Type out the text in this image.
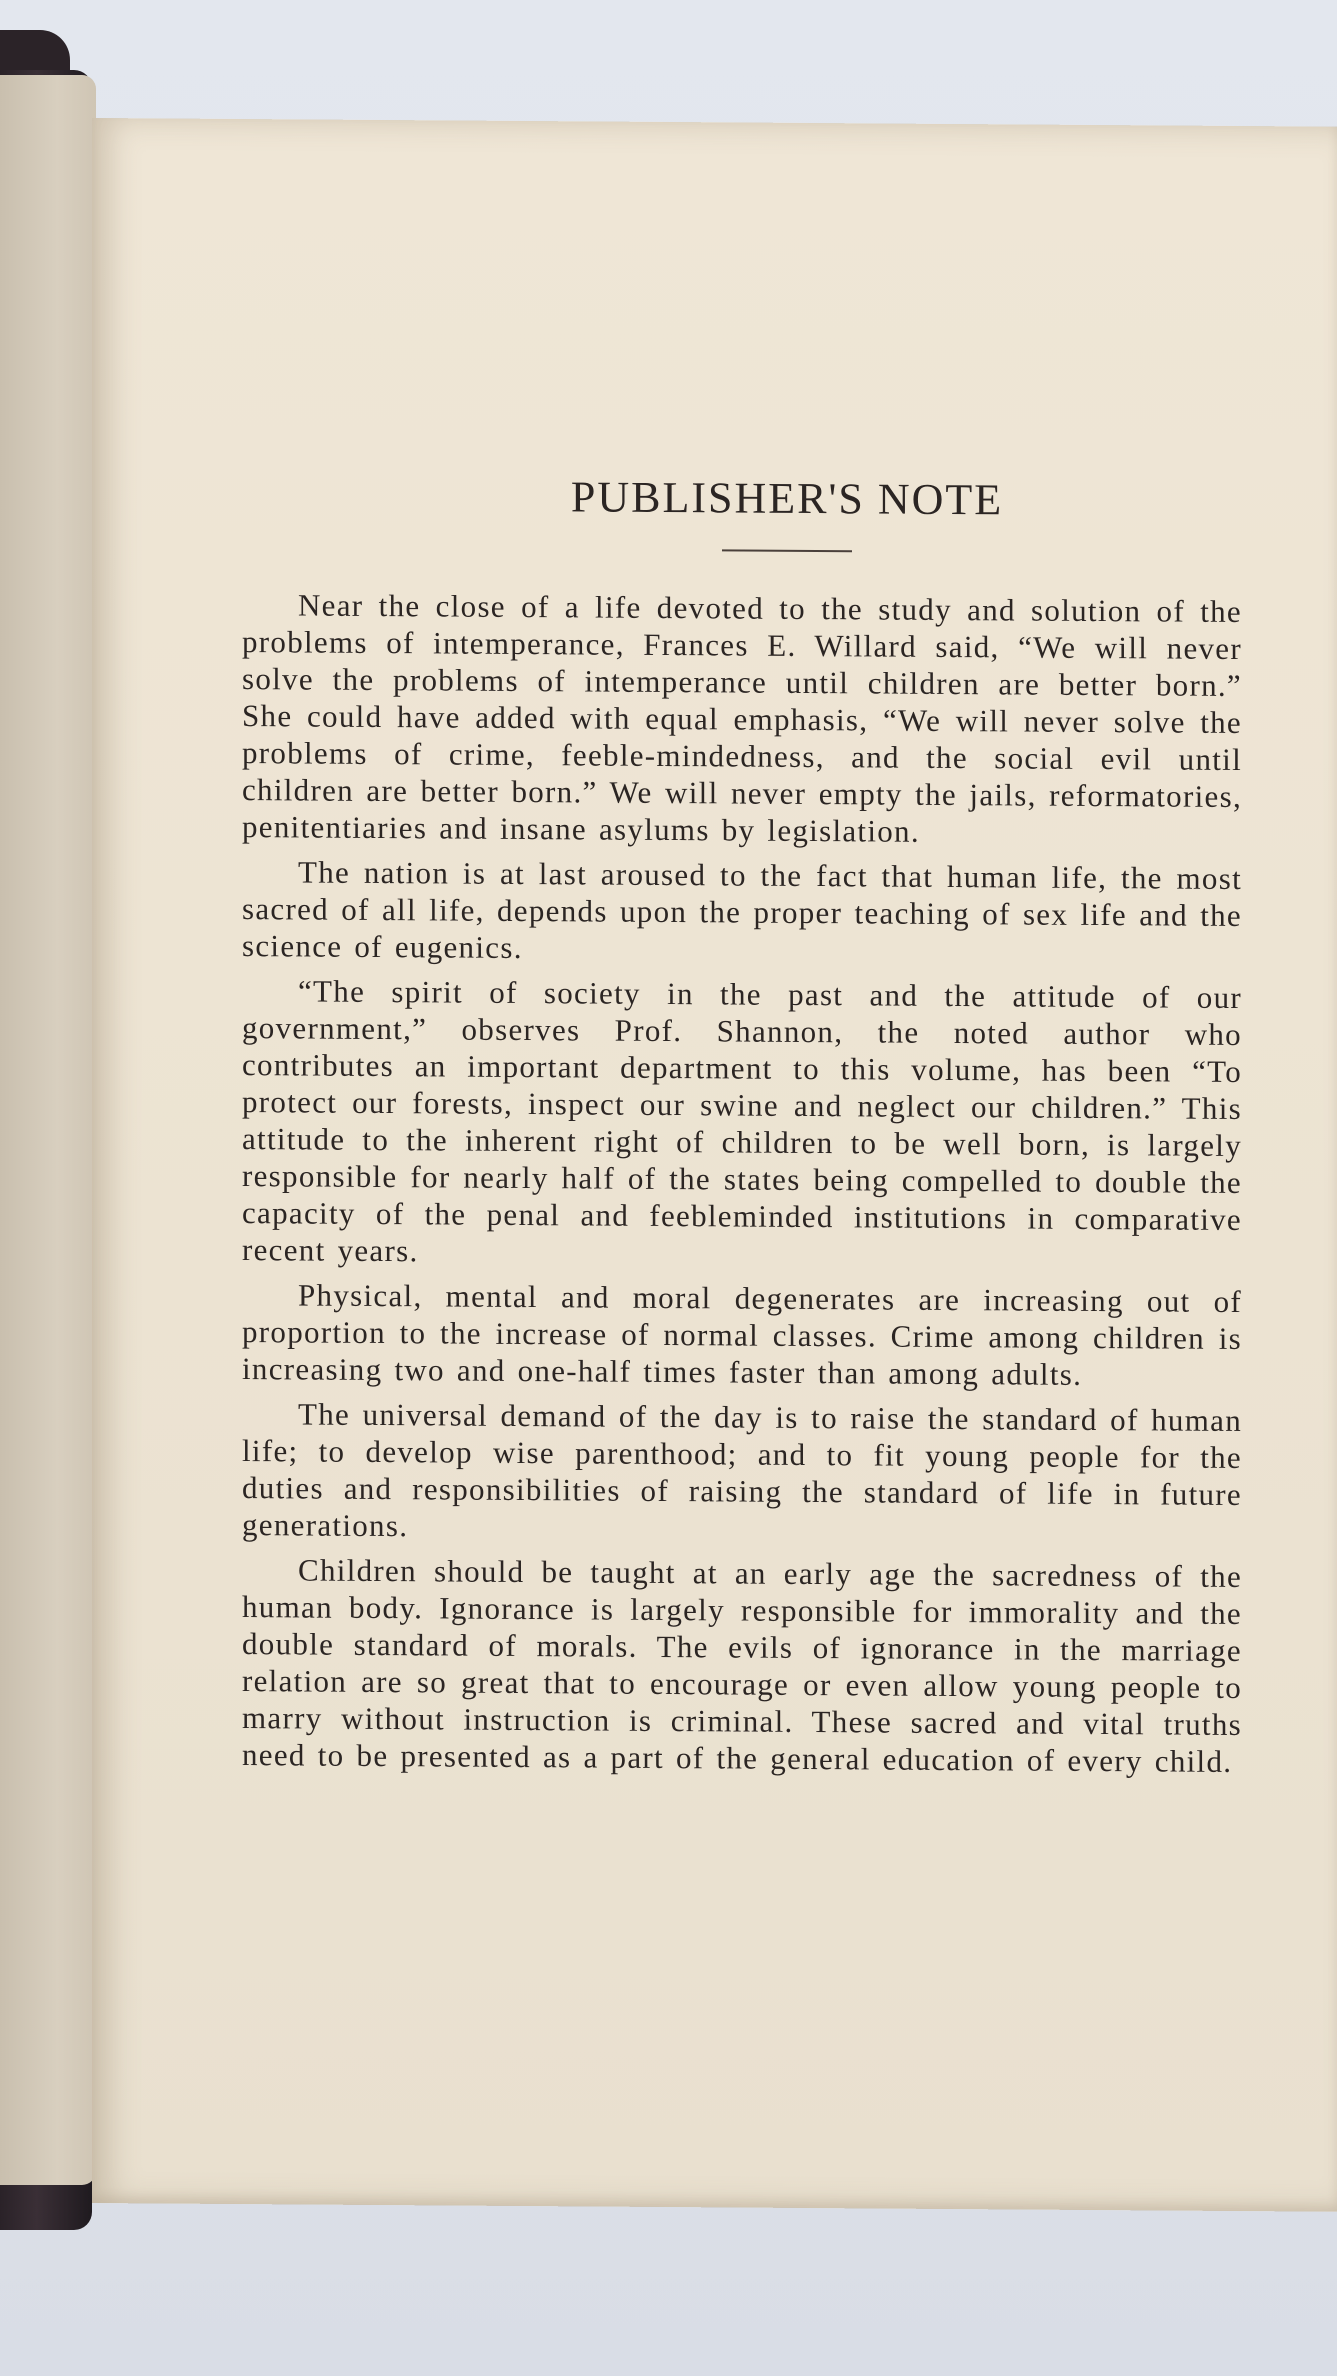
PUBLISHER'S NOTE

Near the close of a life devoted to the study and solution of the problems of intemperance, Frances E. Willard said, “We will never solve the problems of intemperance until children are better born.” She could have added with equal emphasis, “We will never solve the problems of crime, feeble-mindedness, and the social evil until children are better born.” We will never empty the jails, reformatories, penitentiaries and insane asylums by legislation.

The nation is at last aroused to the fact that human life, the most sacred of all life, depends upon the proper teaching of sex life and the science of eugenics.

“The spirit of society in the past and the attitude of our government,” observes Prof. Shannon, the noted author who contributes an important department to this volume, has been “To protect our forests, inspect our swine and neglect our children.” This attitude to the inherent right of children to be well born, is largely responsible for nearly half of the states being compelled to double the capacity of the penal and feebleminded institutions in comparative recent years.

Physical, mental and moral degenerates are increasing out of proportion to the increase of normal classes. Crime among children is increasing two and one-half times faster than among adults.

The universal demand of the day is to raise the standard of human life; to develop wise parenthood; and to fit young people for the duties and responsibilities of raising the standard of life in future generations.

Children should be taught at an early age the sacredness of the human body. Ignorance is largely responsible for immorality and the double standard of morals. The evils of ignorance in the marriage relation are so great that to encourage or even allow young people to marry without instruction is criminal. These sacred and vital truths need to be presented as a part of the general education of every child.
